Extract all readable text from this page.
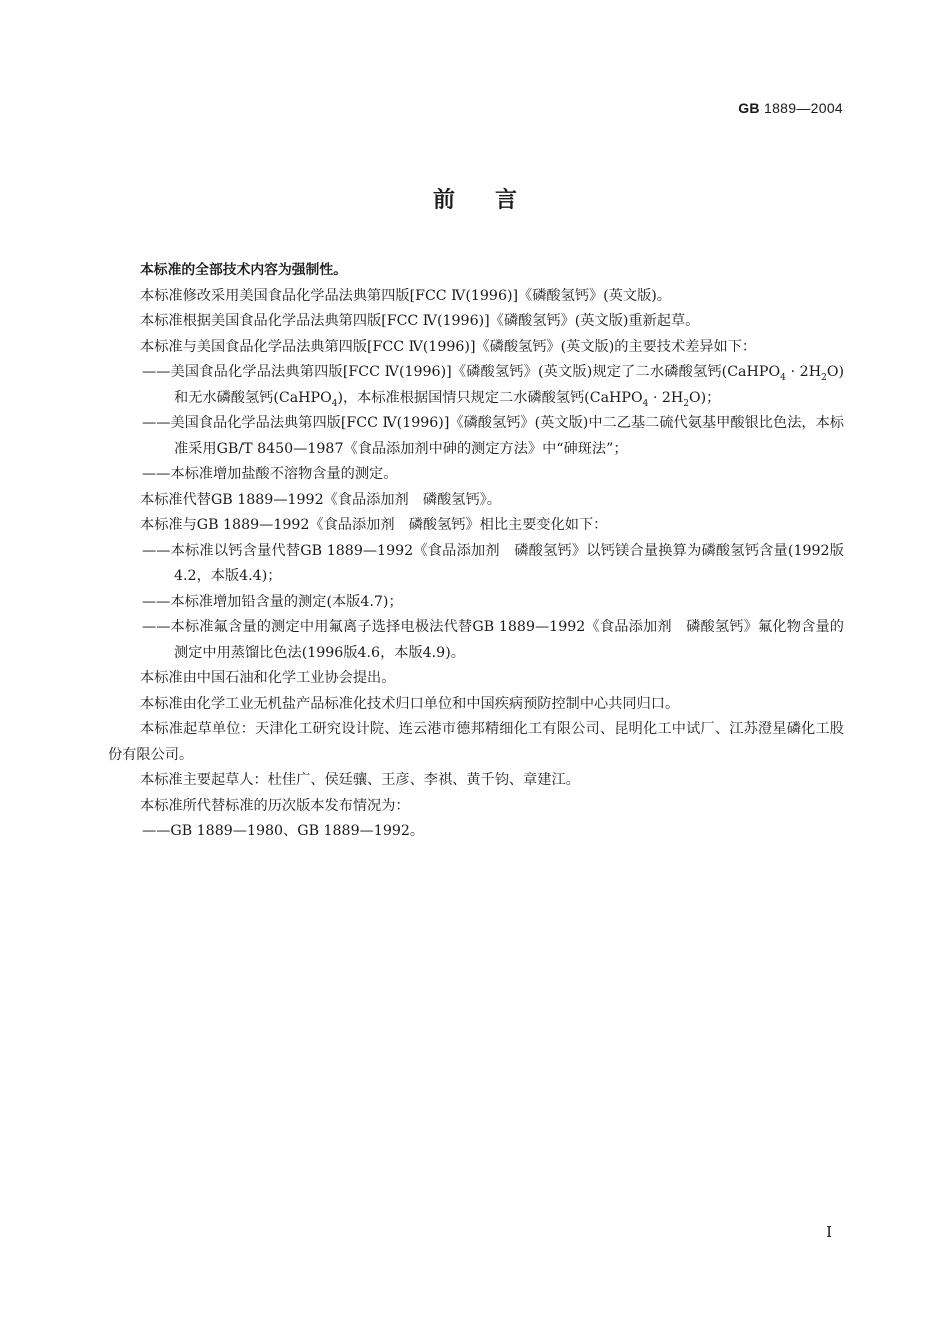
GB 1889—2004
前言

本标准的全部技术内容为强制性。

本标准修改采用美国食品化学品法典第四版[FCC Ⅳ(1996)]《磷酸氢钙》(英文版)。

本标准根据美国食品化学品法典第四版[FCC Ⅳ(1996)]《磷酸氢钙》(英文版)重新起草。

本标准与美国食品化学品法典第四版[FCC Ⅳ(1996)]《磷酸氢钙》(英文版)的主要技术差异如下：

——美国食品化学品法典第四版[FCC Ⅳ(1996)]《磷酸氢钙》(英文版)规定了二水磷酸氢钙(CaHPO$_4$ · $2H_2O$)和无水磷酸氢钙(CaHPO$_4$)，本标准根据国情只规定二水磷酸氢钙(CaHPO$_4$ · $2H_2O$)；

——美国食品化学品法典第四版[FCC Ⅳ(1996)]《磷酸氢钙》(英文版)中二乙基二硫代氨基甲酸银比色法，本标准采用GB/T 8450—1987《食品添加剂中砷的测定方法》中“砷斑法”；

——本标准增加盐酸不溶物含量的测定。

本标准代替GB 1889—1992《食品添加剂　磷酸氢钙》。

本标准与GB 1889—1992《食品添加剂　磷酸氢钙》相比主要变化如下：

——本标准以钙含量代替GB 1889—1992《食品添加剂　磷酸氢钙》以钙镁合量换算为磷酸氢钙含量(1992版4.2，本版4.4)；

——本标准增加铅含量的测定(本版4.7)；

——本标准氟含量的测定中用氟离子选择电极法代替GB 1889—1992《食品添加剂　磷酸氢钙》氟化物含量的测定中用蒸馏比色法(1996版4.6，本版4.9)。

本标准由中国石油和化学工业协会提出。

本标准由化学工业无机盐产品标准化技术归口单位和中国疾病预防控制中心共同归口。

本标准起草单位：天津化工研究设计院、连云港市德邦精细化工有限公司、昆明化工中试厂、江苏澄星磷化工股份有限公司。

本标准主要起草人：杜佳广、侯廷骧、王彦、李祺、黄千钧、章建江。

本标准所代替标准的历次版本发布情况为：

——GB 1889—1980、GB 1889—1992。

I
